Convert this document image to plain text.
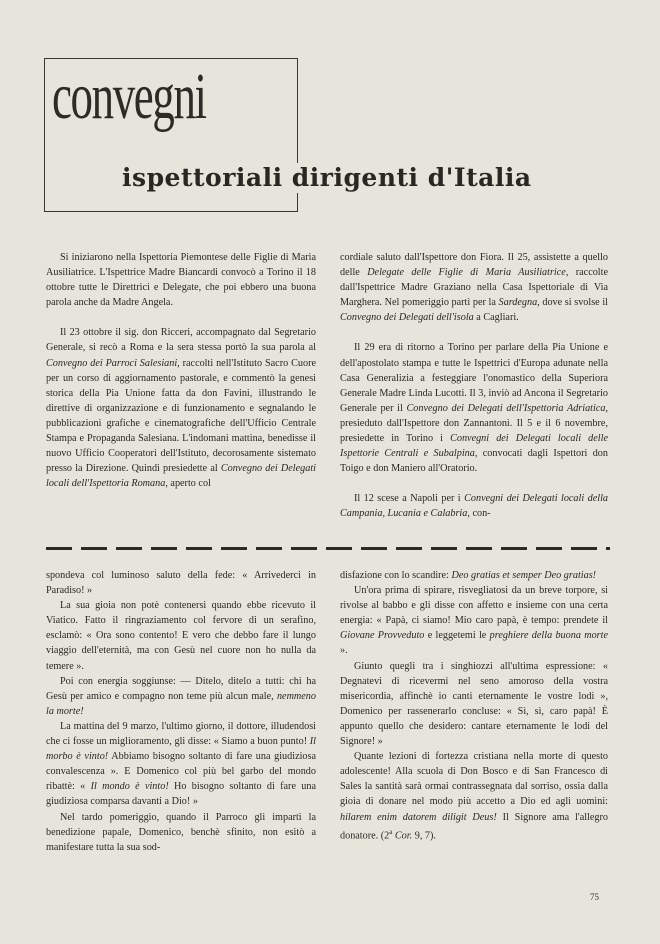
convegni
ispettoriali dirigenti d'Italia

Si iniziarono nella Ispettoria Piemontese delle Figlie di Maria Ausiliatrice. L'Ispettrice Madre Biancardi convocò a Torino il 18 ottobre tutte le Direttrici e Delegate, che poi ebbero una buona parola anche da Madre Angela.

Il 23 ottobre il sig. don Ricceri, accompagnato dal Segretario Generale, si recò a Roma e la sera stessa portò la sua parola al Convegno dei Parroci Salesiani, raccolti nell'Istituto Sacro Cuore per un corso di aggiornamento pastorale, e commentò la genesi storica della Pia Unione fatta da don Favini, illustrando le direttive di organizzazione e di funzionamento e segnalando le pubblicazioni grafiche e cinematografiche dell'Ufficio Centrale Stampa e Propaganda Salesiana. L'indomani mattina, benedisse il nuovo Ufficio Cooperatori dell'Istituto, decorosamente sistemato presso la Direzione. Quindi presiedette al Convegno dei Delegati locali dell'Ispettoria Romana, aperto col

cordiale saluto dall'Ispettore don Fiora. Il 25, assistette a quello delle Delegate delle Figlie di Maria Ausiliatrice, raccolte dall'Ispettrice Madre Graziano nella Casa Ispettoriale di Via Marghera. Nel pomeriggio partì per la Sardegna, dove si svolse il Convegno dei Delegati dell'isola a Cagliari.

Il 29 era di ritorno a Torino per parlare della Pia Unione e dell'apostolato stampa e tutte le Ispettrici d'Europa adunate nella Casa Generalizia a festeggiare l'onomastico della Superiora Generale Madre Linda Lucotti. Il 3, inviò ad Ancona il Segretario Generale per il Convegno dei Delegati dell'Ispettoria Adriatica, presieduto dall'Ispettore don Zannantoni. Il 5 e il 6 novembre, presiedette in Torino i Convegni dei Delegati locali delle Ispettorie Centrali e Subalpina, convocati dagli Ispettori don Toigo e don Maniero all'Oratorio.

Il 12 scese a Napoli per i Convegni dei Delegati locali della Campania, Lucania e Calabria, con-

spondeva col luminoso saluto della fede: « Arrivederci in Paradiso! »

La sua gioia non potè contenersi quando ebbe ricevuto il Viatico. Fatto il ringraziamento col fervore di un serafino, esclamò: « Ora sono contento! E vero che debbo fare il lungo viaggio dell'eternità, ma con Gesù nel cuore non ho nulla da temere ».

Poi con energia soggiunse: — Ditelo, ditelo a tutti: chi ha Gesù per amico e compagno non teme più alcun male, nemmeno la morte!

La mattina del 9 marzo, l'ultimo giorno, il dottore, illudendosi che ci fosse un miglioramento, gli disse: « Siamo a buon punto! Il morbo è vinto! Abbiamo bisogno soltanto di fare una giudiziosa convalescenza ». E Domenico col più bel garbo del mondo ribattè: « Il mondo è vinto! Ho bisogno soltanto di fare una giudiziosa comparsa davanti a Dio! »

Nel tardo pomeriggio, quando il Parroco gli impartì la benedizione papale, Domenico, benchè sfinito, non esitò a manifestare tutta la sua sod-

disfazione con lo scandire: Deo gratias et semper Deo gratias!

Un'ora prima di spirare, risvegliatosi da un breve torpore, si rivolse al babbo e gli disse con affetto e insieme con una certa energia: « Papà, ci siamo! Mio caro papà, è tempo: prendete il Giovane Provveduto e leggetemi le preghiere della buona morte ».

Giunto quegli tra i singhiozzi all'ultima espressione: « Degnatevi di ricevermi nel seno amoroso della vostra misericordia, affinchè io canti eternamente le vostre lodi », Domenico per rassenerarlo concluse: « Sì, sì, caro papà! È appunto quello che desidero: cantare eternamente le lodi del Signore! »

Quante lezioni di fortezza cristiana nella morte di questo adolescente! Alla scuola di Don Bosco e di San Francesco di Sales la santità sarà ormai contrassegnata dal sorriso, ossia dalla gioia di donare nel modo più accetto a Dio ed agli uomini: hilarem enim datorem diligit Deus! Il Signore ama l'allegro donatore. (2$^a$ Cor. 9, 7).

75
